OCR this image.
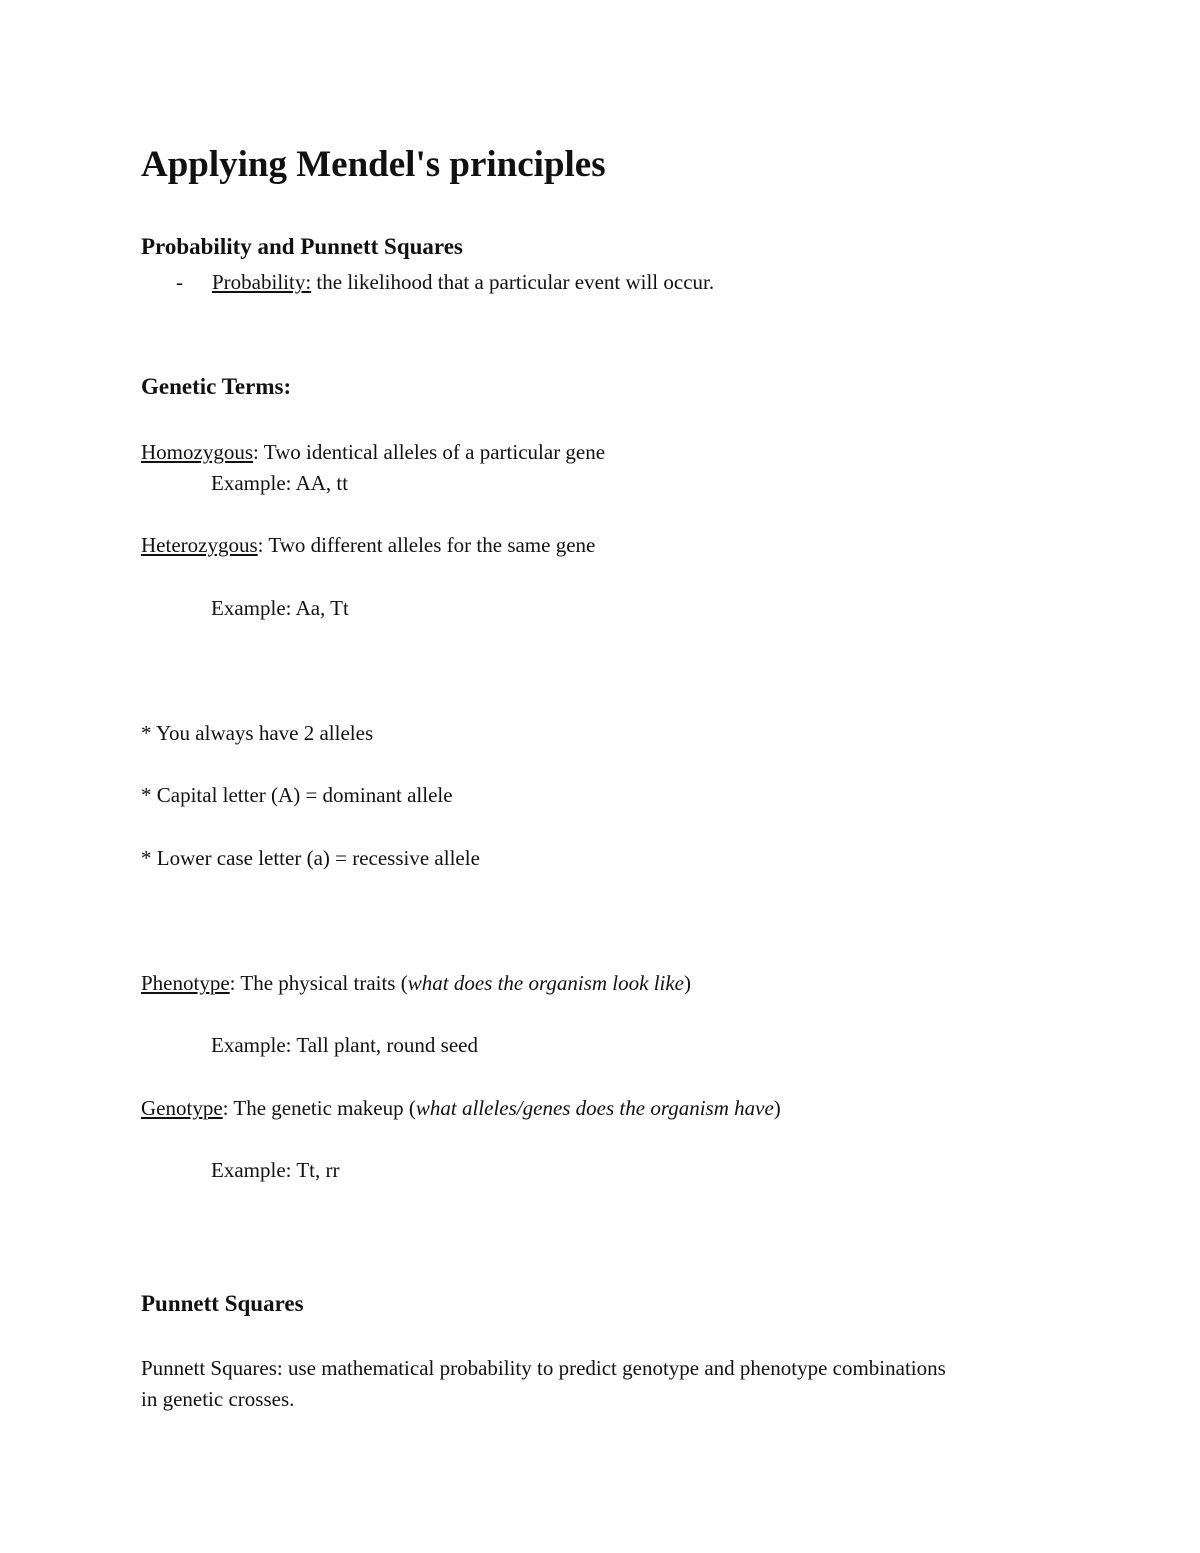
Applying Mendel's principles
Probability and Punnett Squares
- Probability: the likelihood that a particular event will occur.
Genetic Terms:
Homozygous: Two identical alleles of a particular gene
Example: AA, tt
Heterozygous: Two different alleles for the same gene
Example: Aa, Tt
* You always have 2 alleles
* Capital letter (A) = dominant allele
* Lower case letter (a) = recessive allele
Phenotype: The physical traits (what does the organism look like)
Example: Tall plant, round seed
Genotype: The genetic makeup (what alleles/genes does the organism have)
Example: Tt, rr
Punnett Squares
Punnett Squares: use mathematical probability to predict genotype and phenotype combinations
in genetic crosses.
